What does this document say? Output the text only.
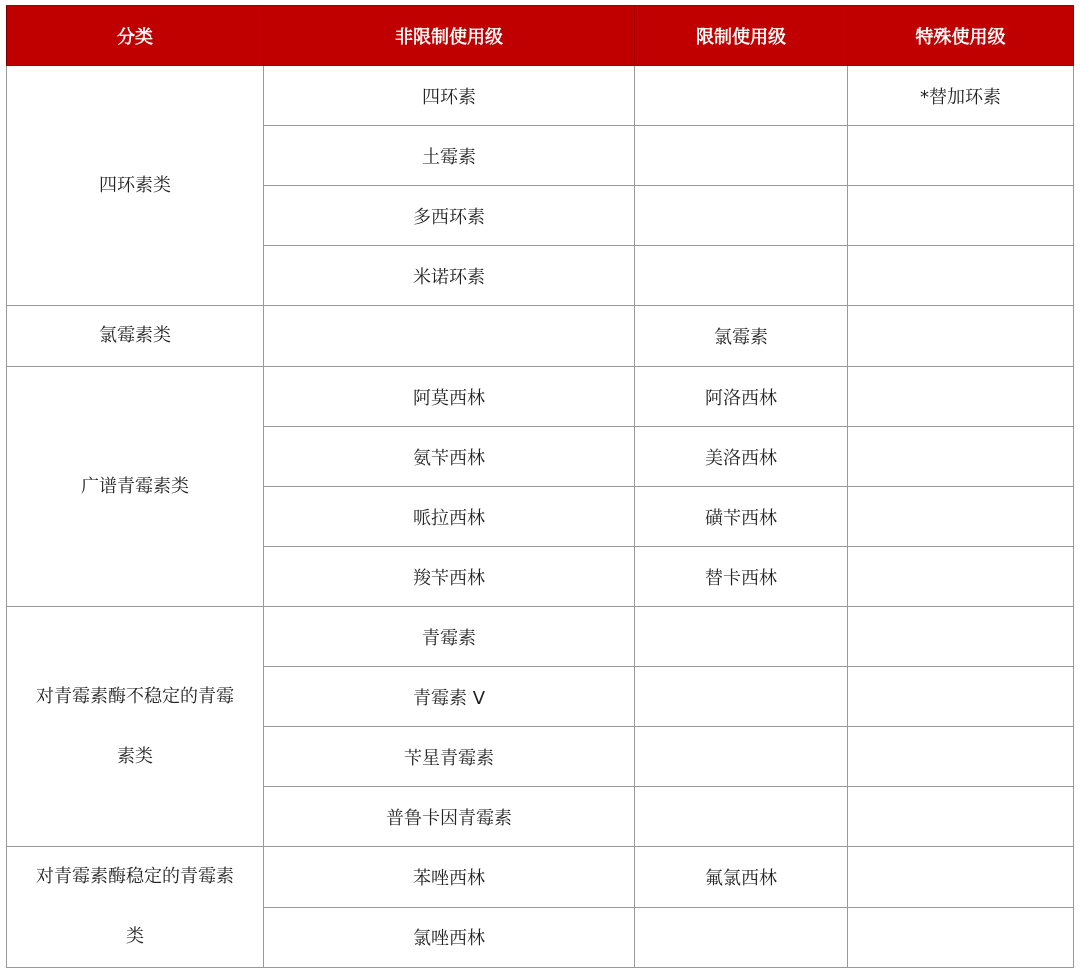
分类	非限制使用级	限制使用级	特殊使用级
四环素类	四环素		*替加环素
	土霉素		
	多西环素		
	米诺环素		
氯霉素类		氯霉素	
广谱青霉素类	阿莫西林	阿洛西林	
	氨苄西林	美洛西林	
	哌拉西林	磺苄西林	
	羧苄西林	替卡西林	
对青霉素酶不稳定的青霉素类	青霉素		
	青霉素 V		
	苄星青霉素		
	普鲁卡因青霉素		
对青霉素酶稳定的青霉素类	苯唑西林	氟氯西林	
	氯唑西林		
